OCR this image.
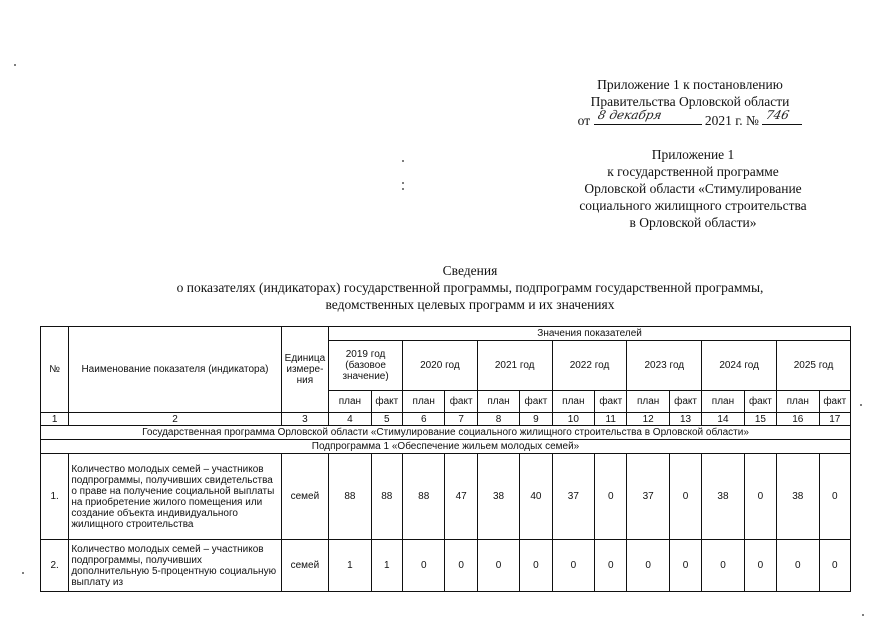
Приложение 1 к постановлению
Правительства Орловской области
от 8 декабря	2021 г. № 746
Приложение 1
к государственной программе
Орловской области «Стимулирование
социального жилищного строительства
в Орловской области»
Сведения
о показателях (индикаторах) государственной программы, подпрограмм государственной программы,
ведомственных целевых программ и их значениях
№	Наименование показателя (индикатора)	Единица измере-ния	Значения показателей													
			2019 год (базовое значение)		2020 год		2021 год		2022 год		2023 год		2024 год		2025 год	
			план	факт	план	факт	план	факт	план	факт	план	факт	план	факт	план	факт
1	2	3	4	5	6	7	8	9	10	11	12	13	14	15	16	17
Государственная программа Орловской области «Стимулирование социального жилищного строительства в Орловской области»																
Подпрограмма 1 «Обеспечение жильем молодых семей»																
1.	Количество молодых семей – участников подпрограммы, получивших свидетельства о праве на получение социальной выплаты на приобретение жилого помещения или создание объекта индивидуального жилищного строительства	семей	88	88	88	47	38	40	37	0	37	0	38	0	38	0
2.	Количество молодых семей – участников подпрограммы, получивших дополнительную 5-процентную социальную выплату из	семей	1	1	0	0	0	0	0	0	0	0	0	0	0	0
